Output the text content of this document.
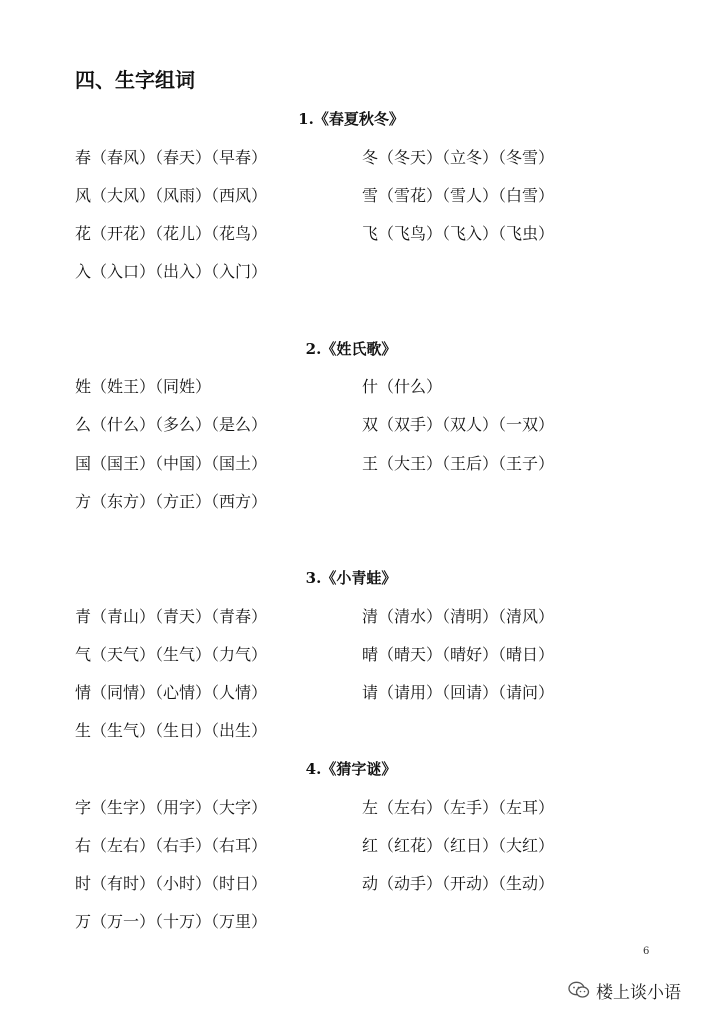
四、生字组词
1.《春夏秋冬》
春（春风）（春天）（早春）	冬（冬天）（立冬）（冬雪）
风（大风）（风雨）（西风）	雪（雪花）（雪人）（白雪）
花（开花）（花儿）（花鸟）	飞（飞鸟）（飞入）（飞虫）
入（入口）（出入）（入门）
2.《姓氏歌》
姓（姓王）（同姓）	什（什么）
么（什么）（多么）（是么）	双（双手）（双人）（一双）
国（国王）（中国）（国土）	王（大王）（王后）（王子）
方（东方）（方正）（西方）
3.《小青蛙》
青（青山）（青天）（青春）	清（清水）（清明）（清风）
气（天气）（生气）（力气）	晴（晴天）（晴好）（晴日）
情（同情）（心情）（人情）	请（请用）（回请）（请问）
生（生气）（生日）（出生）
4.《猜字谜》
字（生字）（用字）（大字）	左（左右）（左手）（左耳）
右（左右）（右手）（右耳）	红（红花）（红日）（大红）
时（有时）（小时）（时日）	动（动手）（开动）（生动）
万（万一）（十万）（万里）
6
楼上谈小语
